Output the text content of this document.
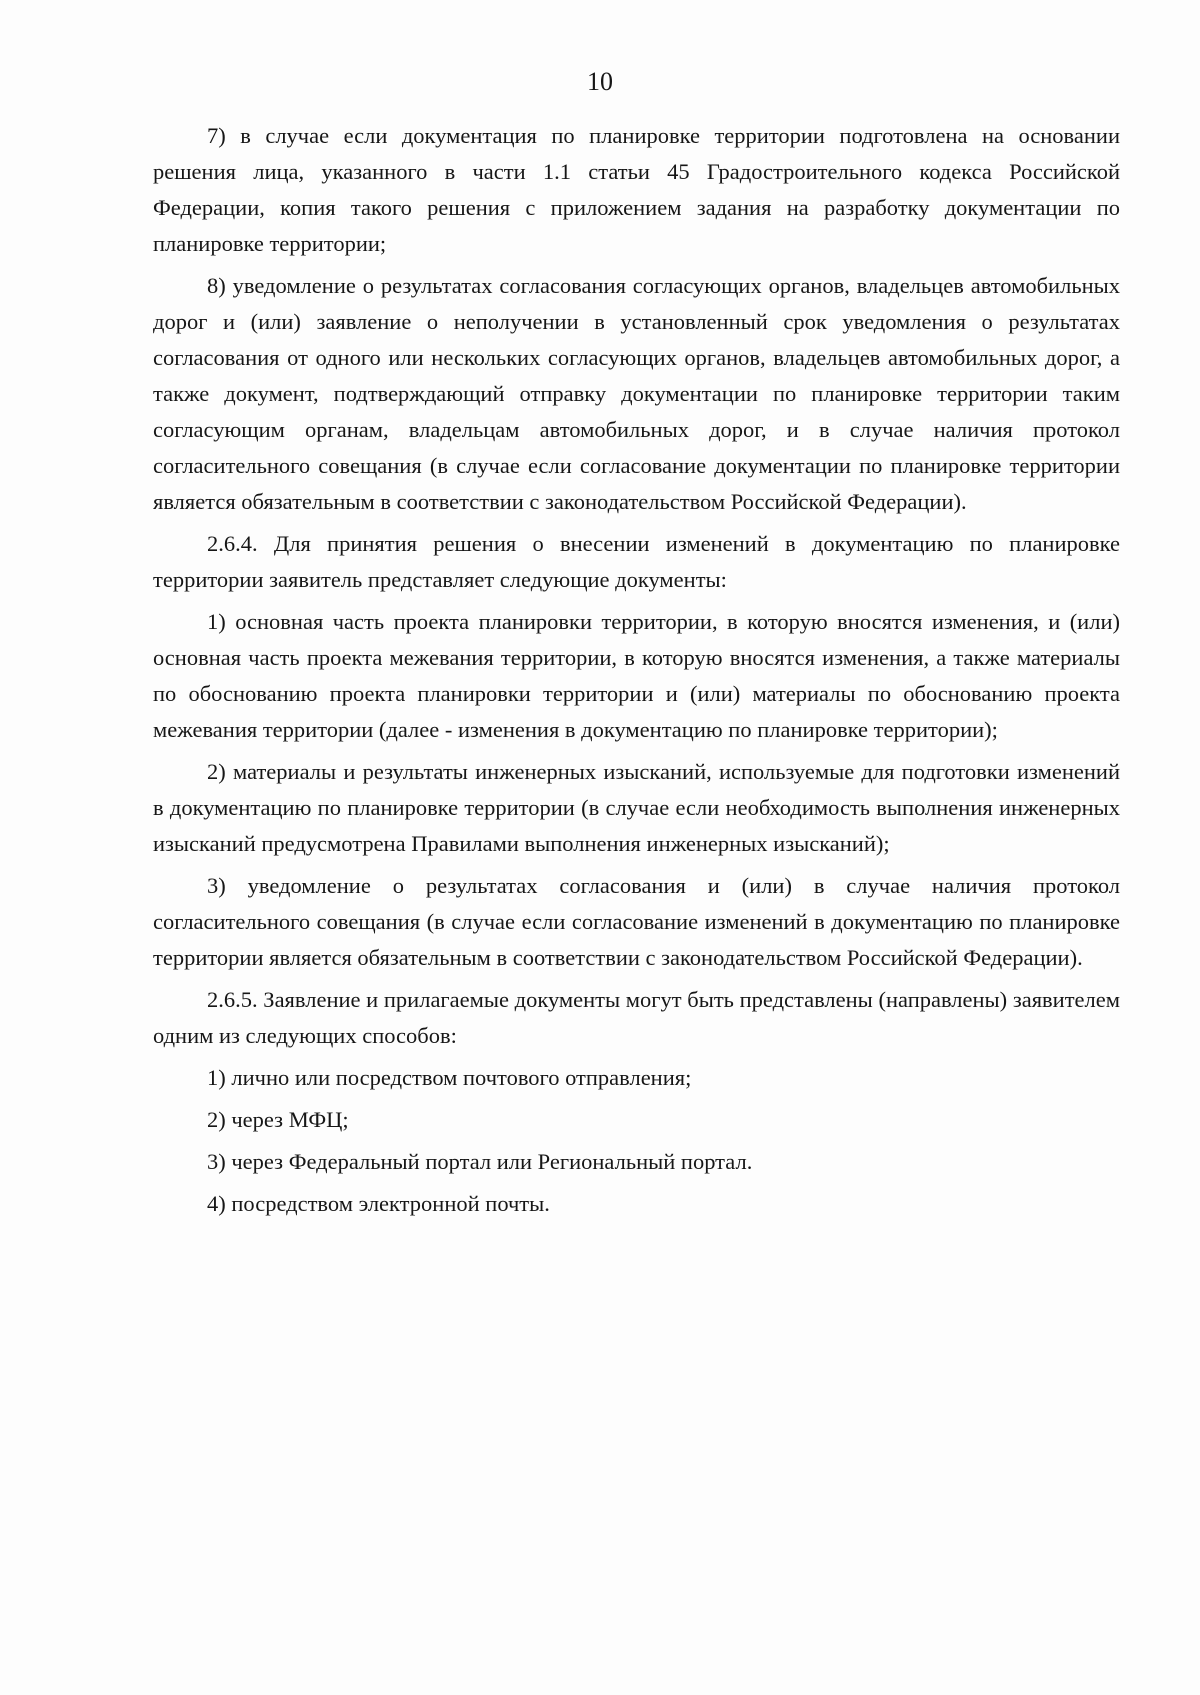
10

7) в случае если документация по планировке территории подготовлена на основании решения лица, указанного в части 1.1 статьи 45 Градостроительного кодекса Российской Федерации, копия такого решения с приложением задания на разработку документации по планировке территории;

8) уведомление о результатах согласования согласующих органов, владельцев автомобильных дорог и (или) заявление о неполучении в установленный срок уведомления о результатах согласования от одного или нескольких согласующих органов, владельцев автомобильных дорог, а также документ, подтверждающий отправку документации по планировке территории таким согласующим органам, владельцам автомобильных дорог, и в случае наличия протокол согласительного совещания (в случае если согласование документации по планировке территории является обязательным в соответствии с законодательством Российской Федерации).

2.6.4. Для принятия решения о внесении изменений в документацию по планировке территории заявитель представляет следующие документы:

1) основная часть проекта планировки территории, в которую вносятся изменения, и (или) основная часть проекта межевания территории, в которую вносятся изменения, а также материалы по обоснованию проекта планировки территории и (или) материалы по обоснованию проекта межевания территории (далее - изменения в документацию по планировке территории);

2) материалы и результаты инженерных изысканий, используемые для подготовки изменений в документацию по планировке территории (в случае если необходимость выполнения инженерных изысканий предусмотрена Правилами выполнения инженерных изысканий);

3) уведомление о результатах согласования и (или) в случае наличия протокол согласительного совещания (в случае если согласование изменений в документацию по планировке территории является обязательным в соответствии с законодательством Российской Федерации).

2.6.5. Заявление и прилагаемые документы могут быть представлены (направлены) заявителем одним из следующих способов:

1) лично или посредством почтового отправления;

2) через МФЦ;

3) через Федеральный портал или Региональный портал.

4) посредством электронной почты.
